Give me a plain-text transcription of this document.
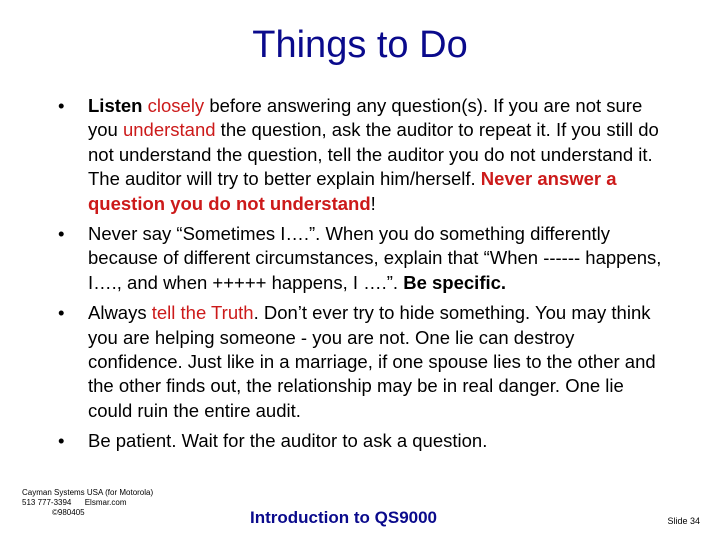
Things to Do
• Listen closely before answering any question(s). If you are not sure you understand the question, ask the auditor to repeat it. If you still do not understand the question, tell the auditor you do not understand it. The auditor will try to better explain him/herself. Never answer a question you do not understand!
• Never say “Sometimes I….”. When you do something differently because of different circumstances, explain that “When ------ happens, I…., and when +++++ happens, I ….”. Be specific.
• Always tell the Truth. Don’t ever try to hide something. You may think you are helping someone - you are not. One lie can destroy confidence. Just like in a marriage, if one spouse lies to the other and the other finds out, the relationship may be in real danger. One lie could ruin the entire audit.
• Be patient. Wait for the auditor to ask a question.
Cayman Systems USA (for Motorola)
513 777-3394      Elsmar.com
©980405	Introduction to QS9000	Slide 34
